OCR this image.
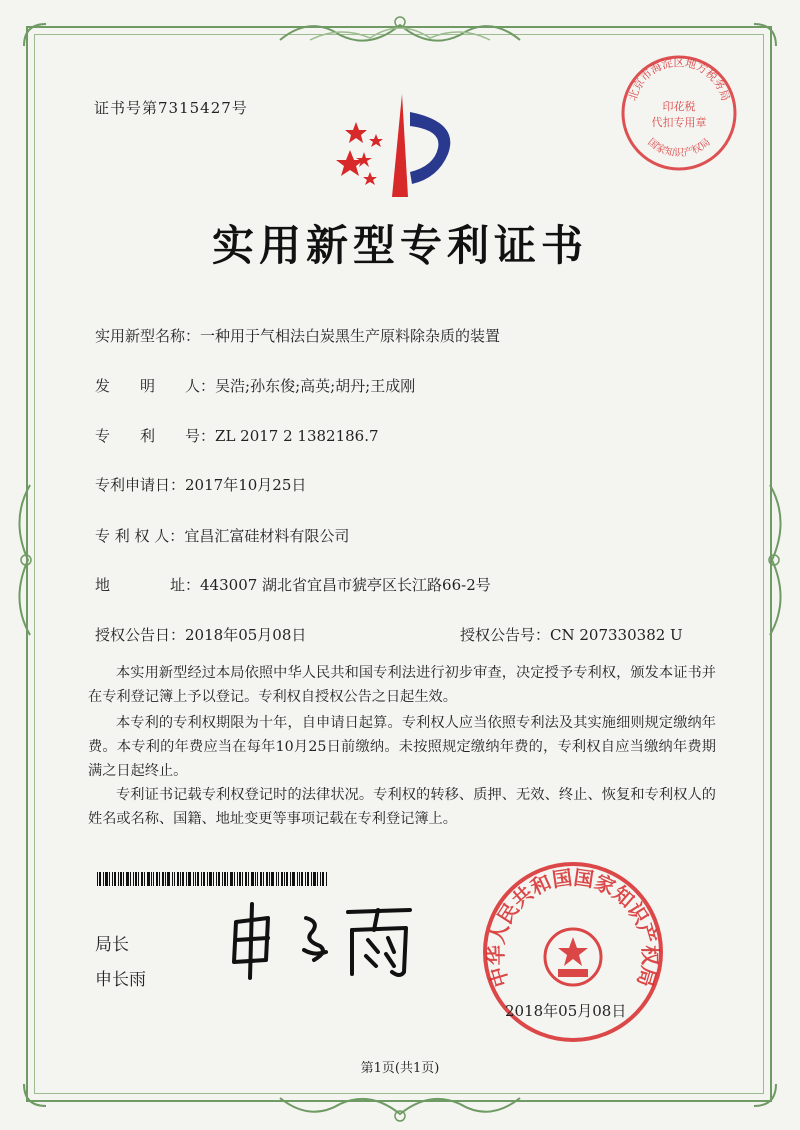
证书号第7315427号
实用新型专利证书
实用新型名称：一种用于气相法白炭黑生产原料除杂质的装置
发　　明　　人：吴浩;孙东俊;高英;胡丹;王成刚
专　　利　　号：ZL 2017 2 1382186.7
专利申请日：2017年10月25日
专 利 权 人：宜昌汇富硅材料有限公司
地　　　　址：443007 湖北省宜昌市猇亭区长江路66-2号
授权公告日：2018年05月08日	授权公告号：CN 207330382 U
本实用新型经过本局依照中华人民共和国专利法进行初步审查，决定授予专利权，颁发本证书并在专利登记簿上予以登记。专利权自授权公告之日起生效。
本专利的专利权期限为十年，自申请日起算。专利权人应当依照专利法及其实施细则规定缴纳年费。本专利的年费应当在每年10月25日前缴纳。未按照规定缴纳年费的，专利权自应当缴纳年费期满之日起终止。
专利证书记载专利权登记时的法律状况。专利权的转移、质押、无效、终止、恢复和专利权人的姓名或名称、国籍、地址变更等事项记载在专利登记簿上。
局长
申长雨	中华人民共和国国家知识产权局
2018年05月08日
北京市海淀区地方税务局
印花税
代扣专用章
国家知识产权局
第1页(共1页)
